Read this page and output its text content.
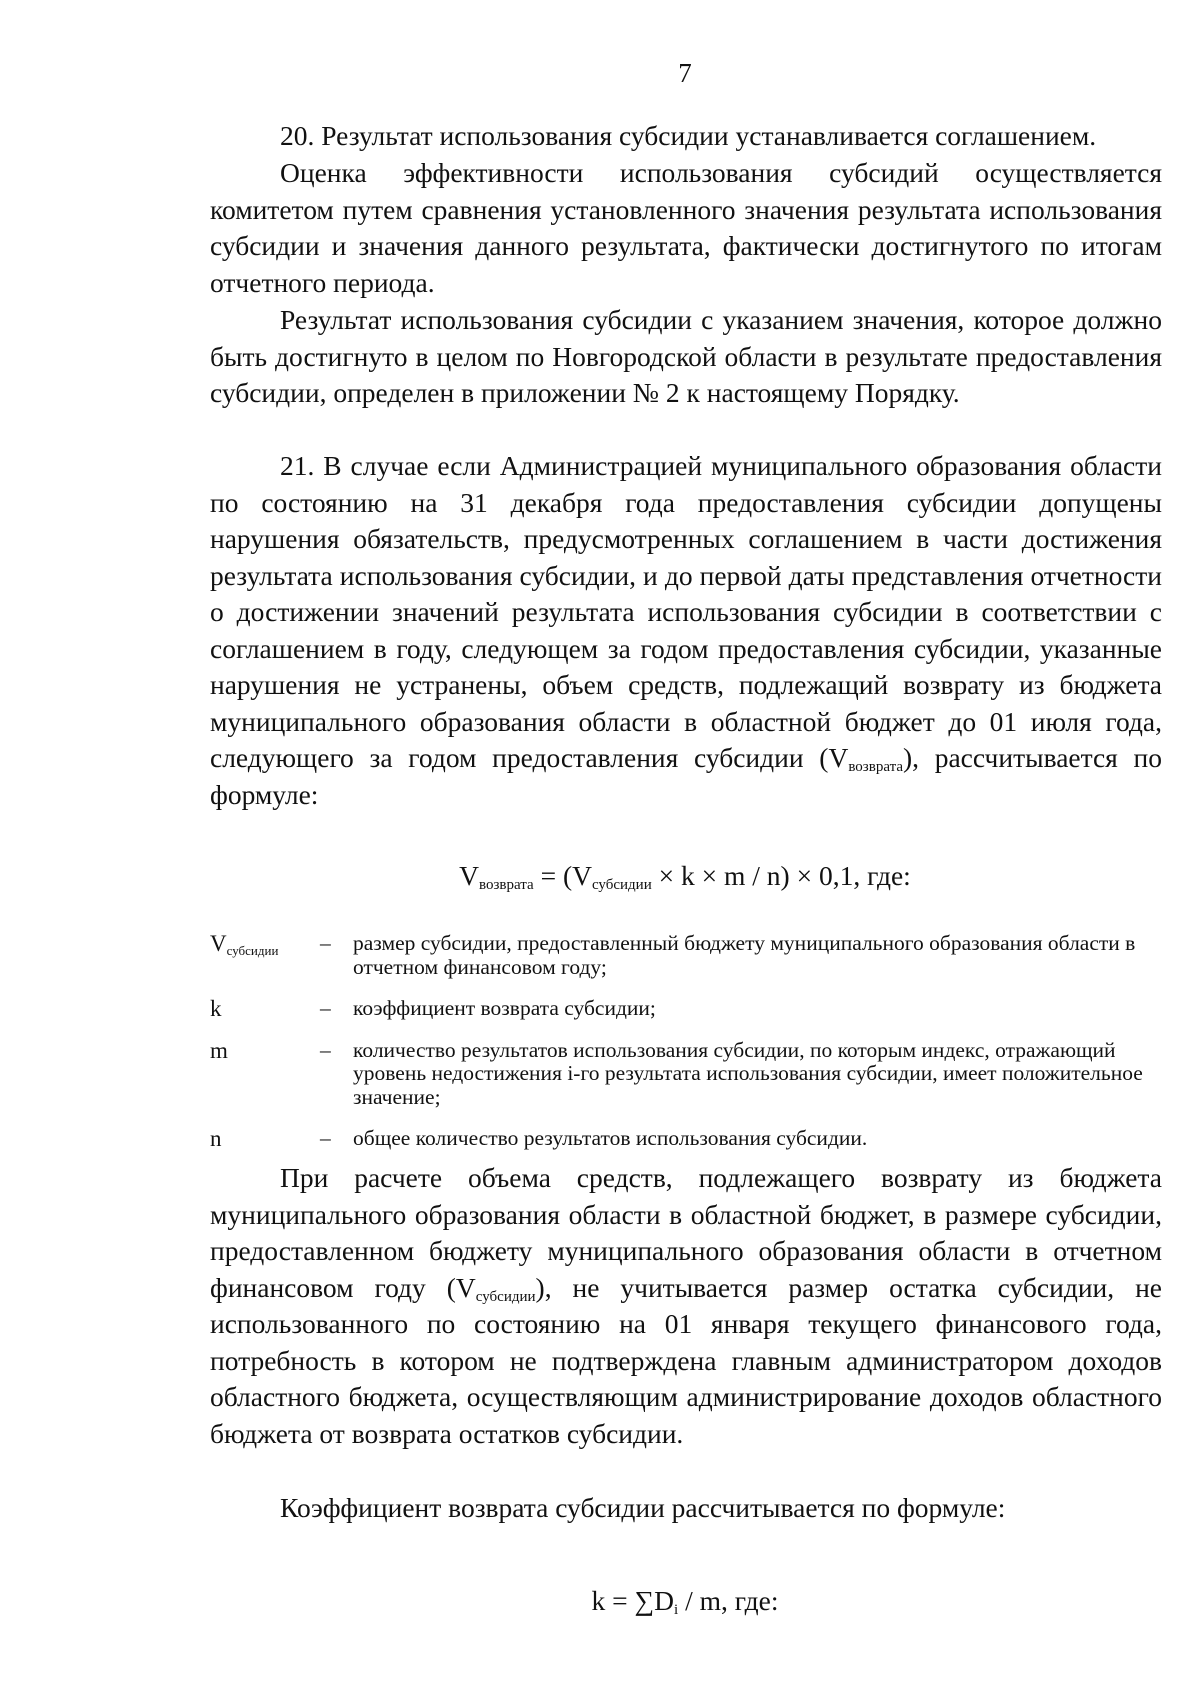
7

20. Результат использования субсидии устанавливается соглашением.

Оценка эффективности использования субсидий осуществляется комитетом путем сравнения установленного значения результата использования субсидии и значения данного результата, фактически достигнутого по итогам отчетного периода.

Результат использования субсидии с указанием значения, которое должно быть достигнуто в целом по Новгородской области в результате предоставления субсидии, определен в приложении № 2 к настоящему Порядку.

21. В случае если Администрацией муниципального образования области по состоянию на 31 декабря года предоставления субсидии допущены нарушения обязательств, предусмотренных соглашением в части достижения результата использования субсидии, и до первой даты представления отчетности о достижении значений результата использования субсидии в соответствии с соглашением в году, следующем за годом предоставления субсидии, указанные нарушения не устранены, объем средств, подлежащий возврату из бюджета муниципального образования области в областной бюджет до 01 июля года, следующего за годом предоставления субсидии $(V_{возврата})$, рассчитывается по формуле:

$V_{возврата} = (V_{субсидии} \times k \times m / n) \times 0,1$, где:
$V_{субсидии}$ – размер субсидии, предоставленный бюджету муниципального образования области в отчетном финансовом году;
k	– коэффициент возврата субсидии;
m	– количество результатов использования субсидии, по которым индекс, отражающий уровень недостижения i-го результата использования субсидии, имеет положительное значение;
n	– общее количество результатов использования субсидии.

При расчете объема средств, подлежащего возврату из бюджета муниципального образования области в областной бюджет, в размере субсидии, предоставленном бюджету муниципального образования области в отчетном финансовом году $(V_{субсидии})$, не учитывается размер остатка субсидии, не использованного по состоянию на 01 января текущего финансового года, потребность в котором не подтверждена главным администратором доходов областного бюджета, осуществляющим администрирование доходов областного бюджета от возврата остатков субсидии.

Коэффициент возврата субсидии рассчитывается по формуле:

$k = \sum D_i / m$, где:
